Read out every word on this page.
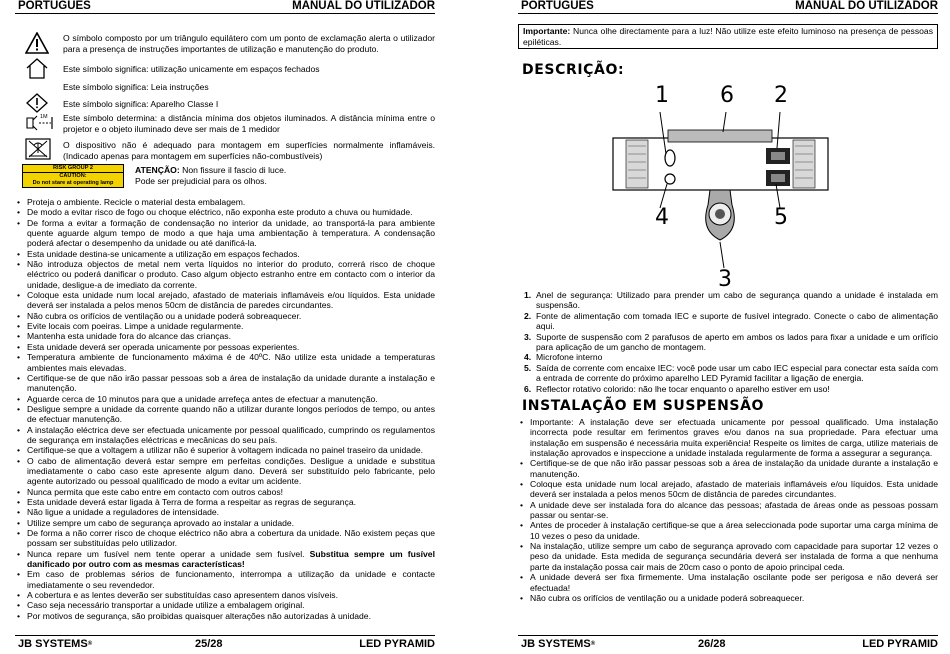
PORTUGUÊS	MANUAL DO UTILIZADOR
O símbolo composto por um triângulo equilátero com um ponto de exclamação alerta o utilizador para a presença de instruções importantes de utilização e manutenção do produto.
Este símbolo significa: utilização unicamente em espaços fechados
Este símbolo significa: Leia instruções
Este símbolo significa: Aparelho Classe I
1M Este símbolo determina: a distância mínima dos objetos iluminados. A distância mínima entre o projetor e o objeto iluminado deve ser mais de 1 medidor
O dispositivo não é adequado para montagem em superfícies normalmente inflamáveis. (Indicado apenas para montagem em superfícies não-combustíveis)
RISK GROUP 2
CAUTION:
Do not stare at operating lamp
ATENÇÃO: Non fissure il fascio di luce.
Pode ser prejudicial para os olhos.
• Proteja o ambiente. Recicle o material desta embalagem.
• De modo a evitar risco de fogo ou choque eléctrico, não exponha este produto a chuva ou humidade.
• De forma a evitar a formação de condensação no interior da unidade, ao transportá-la para ambiente quente aguarde algum tempo de modo a que haja uma ambientação à temperatura. A condensação poderá afectar o desempenho da unidade ou até danificá-la.
• Esta unidade destina-se unicamente a utilização em espaços fechados.
• Não introduza objectos de metal nem verta líquidos no interior do produto, correrá risco de choque eléctrico ou poderá danificar o produto. Caso algum objecto estranho entre em contacto com o interior da unidade, desligue-a de imediato da corrente.
• Coloque esta unidade num local arejado, afastado de materiais inflamáveis e/ou líquidos. Esta unidade deverá ser instalada a pelos menos 50cm de distância de paredes circundantes.
• Não cubra os orifícios de ventilação ou a unidade poderá sobreaquecer.
• Evite locais com poeiras. Limpe a unidade regularmente.
• Mantenha esta unidade fora do alcance das crianças.
• Esta unidade deverá ser operada unicamente por pessoas experientes.
• Temperatura ambiente de funcionamento máxima é de 40ºC. Não utilize esta unidade a temperaturas ambientes mais elevadas.
• Certifique-se de que não irão passar pessoas sob a área de instalação da unidade durante a instalação e manutenção.
• Aguarde cerca de 10 minutos para que a unidade arrefeça antes de efectuar a manutenção.
• Desligue sempre a unidade da corrente quando não a utilizar durante longos períodos de tempo, ou antes de efectuar manutenção.
• A instalação eléctrica deve ser efectuada unicamente por pessoal qualificado, cumprindo os regulamentos de segurança em instalações eléctricas e mecânicas do seu país.
• Certifique-se que a voltagem a utilizar não é superior à voltagem indicada no painel traseiro da unidade.
• O cabo de alimentação deverá estar sempre em perfeitas condições. Desligue a unidade e substitua imediatamente o cabo caso este apresente algum dano. Deverá ser substituído pelo fabricante, pelo agente autorizado ou pessoal qualificado de modo a evitar um acidente.
• Nunca permita que este cabo entre em contacto com outros cabos!
• Esta unidade deverá estar ligada à Terra de forma a respeitar as regras de segurança.
• Não ligue a unidade a reguladores de intensidade.
• Utilize sempre um cabo de segurança aprovado ao instalar a unidade.
• De forma a não correr risco de choque eléctrico não abra a cobertura da unidade. Não existem peças que possam ser substituídas pelo utilizador.
• Nunca repare um fusível nem tente operar a unidade sem fusível. Substitua sempre um fusível danificado por outro com as mesmas características!
• Em caso de problemas sérios de funcionamento, interrompa a utilização da unidade e contacte imediatamente o seu revendedor.
• A cobertura e as lentes deverão ser substituídas caso apresentem danos visíveis.
• Caso seja necessário transportar a unidade utilize a embalagem original.
• Por motivos de segurança, são proibidas quaisquer alterações não autorizadas à unidade.
JB SYSTEMS®	25/28	LED PYRAMID
PORTUGUÊS	MANUAL DO UTILIZADOR
Importante: Nunca olhe directamente para a luz! Não utilize este efeito luminoso na presença de pessoas epiléticas.
DESCRIÇÃO:
1 6 2
4	5
3
1. Anel de segurança: Utilizado para prender um cabo de segurança quando a unidade é instalada em suspensão.
2. Fonte de alimentação com tomada IEC e suporte de fusível integrado. Conecte o cabo de alimentação aqui.
3. Suporte de suspensão com 2 parafusos de aperto em ambos os lados para fixar a unidade e um orifício para aplicação de um gancho de montagem.
4. Microfone interno
5. Saída de corrente com encaixe IEC: você pode usar um cabo IEC especial para conectar esta saída com a entrada de corrente do próximo aparelho LED Pyramid facilitar a ligação de energia.
6. Reflector rotativo colorido: não lhe tocar enquanto o aparelho estiver em uso!
INSTALAÇÃO EM SUSPENSÃO
• Importante: A instalação deve ser efectuada unicamente por pessoal qualificado. Uma instalação incorrecta pode resultar em ferimentos graves e/ou danos na sua propriedade. Para efectuar uma instalação em suspensão é necessária muita experiência! Respeite os limites de carga, utilize materiais de instalação aprovados e inspeccione a unidade instalada regularmente de forma a assegurar a segurança.
• Certifique-se de que não irão passar pessoas sob a área de instalação da unidade durante a instalação e manutenção.
• Coloque esta unidade num local arejado, afastado de materiais inflamáveis e/ou líquidos. Esta unidade deverá ser instalada a pelos menos 50cm de distância de paredes circundantes.
• A unidade deve ser instalada fora do alcance das pessoas; afastada de áreas onde as pessoas possam passar ou sentar-se.
• Antes de proceder à instalação certifique-se que a área seleccionada pode suportar uma carga mínima de 10 vezes o peso da unidade.
• Na instalação, utilize sempre um cabo de segurança aprovado com capacidade para suportar 12 vezes o peso da unidade. Esta medida de segurança secundária deverá ser instalada de forma a que nenhuma parte da instalação possa cair mais de 20cm caso o ponto de apoio principal ceda.
• A unidade deverá ser fixa firmemente. Uma instalação oscilante pode ser perigosa e não deverá ser efectuada!
• Não cubra os orifícios de ventilação ou a unidade poderá sobreaquecer.
JB SYSTEMS®	26/28	LED PYRAMID
